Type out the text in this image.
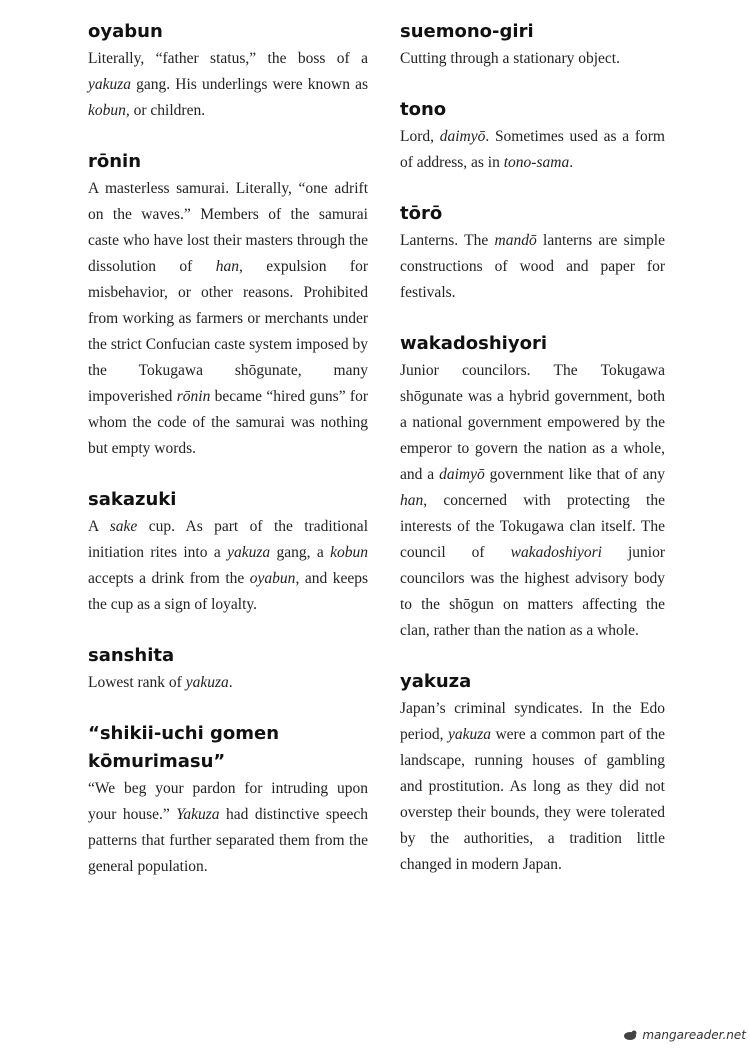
oyabun

Literally, “father status,” the boss of a yakuza gang. His underlings were known as kobun, or children.

rōnin

A masterless samurai. Literally, “one adrift on the waves.” Members of the samurai caste who have lost their masters through the dissolution of han, expulsion for misbehavior, or other reasons. Prohibited from working as farmers or merchants under the strict Confucian caste system imposed by the Tokugawa shōgunate, many impoverished rōnin became “hired guns” for whom the code of the samurai was nothing but empty words.

sakazuki

A sake cup. As part of the traditional initiation rites into a yakuza gang, a kobun accepts a drink from the oyabun, and keeps the cup as a sign of loyalty.

sanshita

Lowest rank of yakuza.

“shikii-uchi gomen kōmurimasu”

“We beg your pardon for intruding upon your house.” Yakuza had distinctive speech patterns that further separated them from the general population.

suemono-giri

Cutting through a stationary object.

tono

Lord, daimyō. Sometimes used as a form of address, as in tono-sama.

tōrō

Lanterns. The mandō lanterns are simple constructions of wood and paper for festivals.

wakadoshiyori

Junior councilors. The Tokugawa shōgunate was a hybrid government, both a national government empowered by the emperor to govern the nation as a whole, and a daimyō government like that of any han, concerned with protecting the interests of the Tokugawa clan itself. The council of wakadoshiyori junior councilors was the highest advisory body to the shōgun on matters affecting the clan, rather than the nation as a whole.

yakuza

Japan’s criminal syndicates. In the Edo period, yakuza were a common part of the landscape, running houses of gambling and prostitution. As long as they did not overstep their bounds, they were tolerated by the authorities, a tradition little changed in modern Japan.

mangareader.net
